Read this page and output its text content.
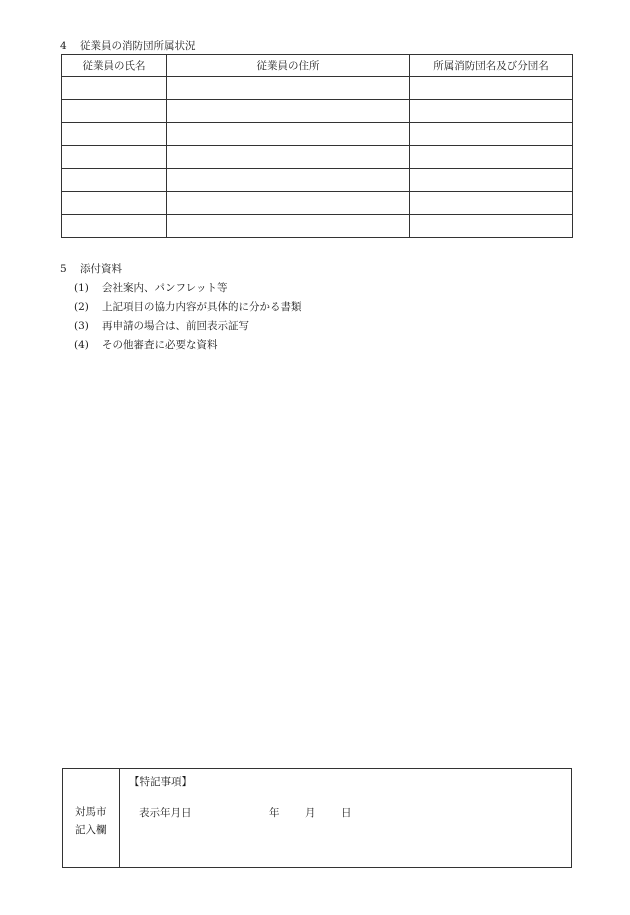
4 従業員の消防団所属状況
従業員の氏名	従業員の住所	所属消防団名及び分団名

5 添付資料
(1) 会社案内、パンフレット等
(2) 上記項目の協力内容が具体的に分かる書類
(3) 再申請の場合は、前回表示証写
(4) その他審査に必要な資料
対馬市
記入欄
【特記事項】
表示年月日	年 月 日
